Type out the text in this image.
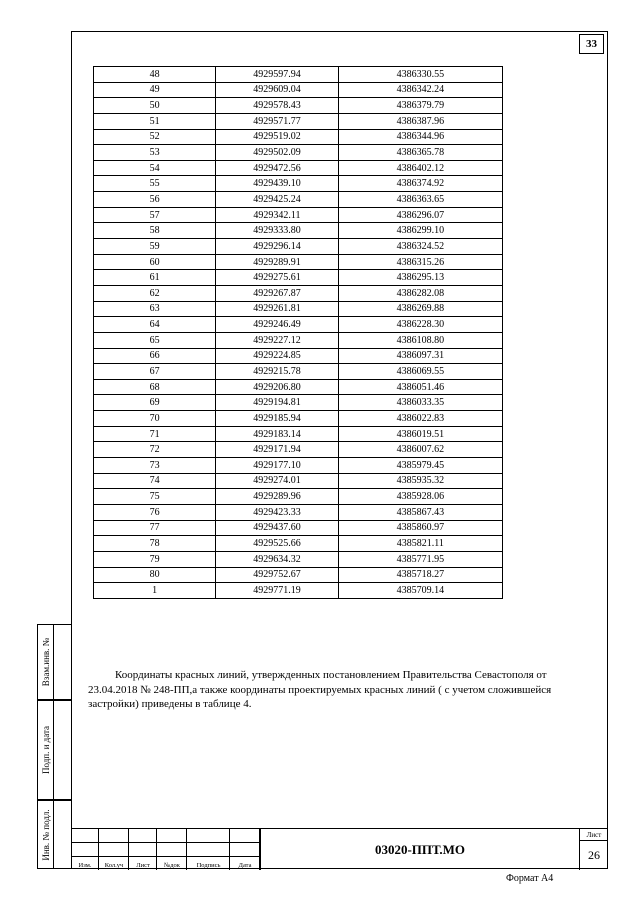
33
48	4929597.94	4386330.55
49	4929609.04	4386342.24
50	4929578.43	4386379.79
51	4929571.77	4386387.96
52	4929519.02	4386344.96
53	4929502.09	4386365.78
54	4929472.56	4386402.12
55	4929439.10	4386374.92
56	4929425.24	4386363.65
57	4929342.11	4386296.07
58	4929333.80	4386299.10
59	4929296.14	4386324.52
60	4929289.91	4386315.26
61	4929275.61	4386295.13
62	4929267.87	4386282.08
63	4929261.81	4386269.88
64	4929246.49	4386228.30
65	4929227.12	4386108.80
66	4929224.85	4386097.31
67	4929215.78	4386069.55
68	4929206.80	4386051.46
69	4929194.81	4386033.35
70	4929185.94	4386022.83
71	4929183.14	4386019.51
72	4929171.94	4386007.62
73	4929177.10	4385979.45
74	4929274.01	4385935.32
75	4929289.96	4385928.06
76	4929423.33	4385867.43
77	4929437.60	4385860.97
78	4929525.66	4385821.11
79	4929634.32	4385771.95
80	4929752.67	4385718.27
1	4929771.19	4385709.14

Координаты красных линий, утвержденных постановлением Правительства Севастополя от 23.04.2018 № 248-ПП,а также координаты проектируемых красных линий ( с учетом сложившейся застройки) приведены в таблице 4.

Взам.инв. №
Подп. и дата
Инв. № подл.
Изм.	Кол.уч	Лист	№док	Подпись	Дата
03020-ППТ.МО
Лист
26
Формат А4
